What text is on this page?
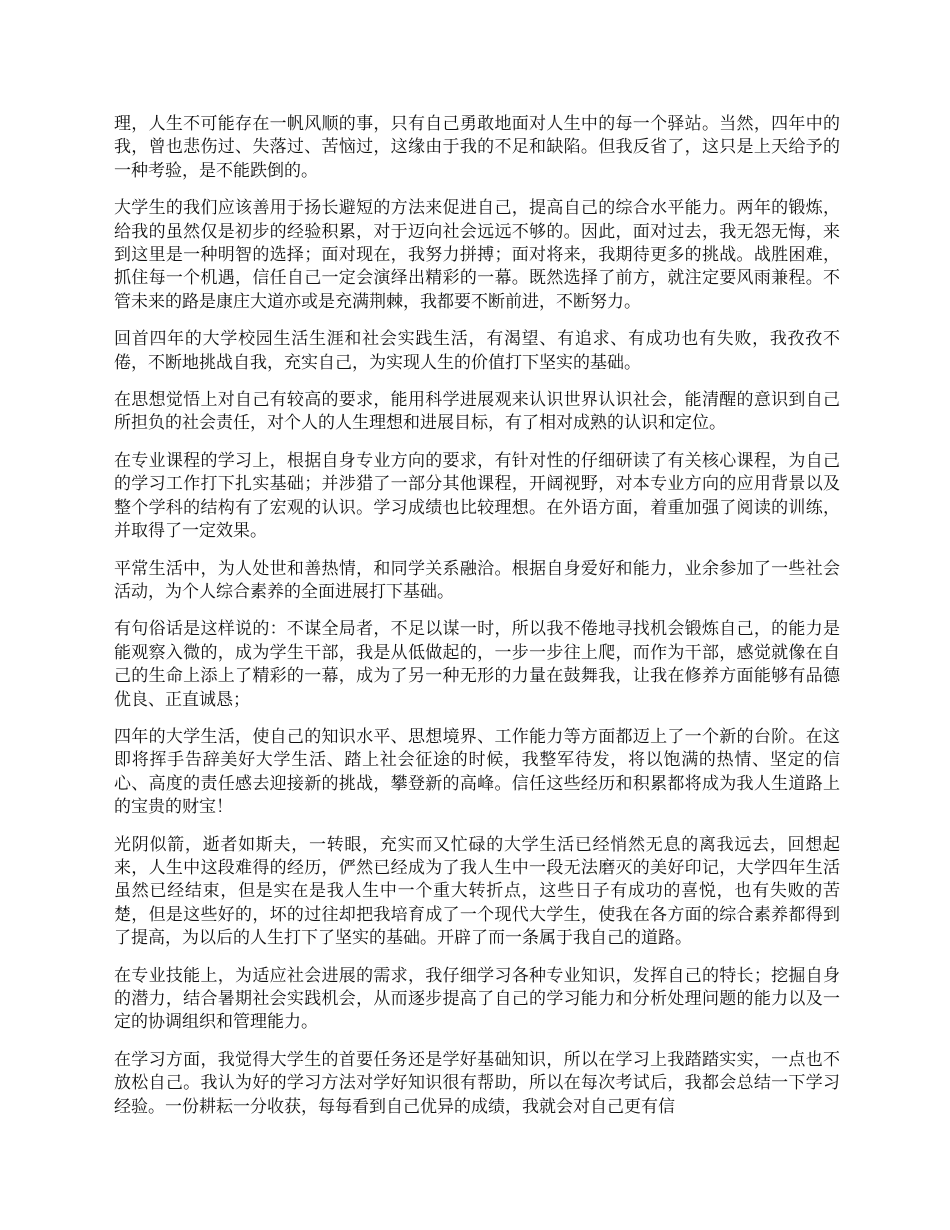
理，人生不可能存在一帆风顺的事，只有自己勇敢地面对人生中的每一个驿站。当然，四年中的我，曾也悲伤过、失落过、苦恼过，这缘由于我的不足和缺陷。但我反省了，这只是上天给予的一种考验，是不能跌倒的。

大学生的我们应该善用于扬长避短的方法来促进自己，提高自己的综合水平能力。两年的锻炼，给我的虽然仅是初步的经验积累，对于迈向社会远远不够的。因此，面对过去，我无怨无悔，来到这里是一种明智的选择；面对现在，我努力拼搏；面对将来，我期待更多的挑战。战胜困难，抓住每一个机遇，信任自己一定会演绎出精彩的一幕。既然选择了前方，就注定要风雨兼程。不管未来的路是康庄大道亦或是充满荆棘，我都要不断前进，不断努力。

回首四年的大学校园生活生涯和社会实践生活，有渴望、有追求、有成功也有失败，我孜孜不倦，不断地挑战自我，充实自己，为实现人生的价值打下坚实的基础。

在思想觉悟上对自己有较高的要求，能用科学进展观来认识世界认识社会，能清醒的意识到自己所担负的社会责任，对个人的人生理想和进展目标，有了相对成熟的认识和定位。

在专业课程的学习上，根据自身专业方向的要求，有针对性的仔细研读了有关核心课程，为自己的学习工作打下扎实基础；并涉猎了一部分其他课程，开阔视野，对本专业方向的应用背景以及整个学科的结构有了宏观的认识。学习成绩也比较理想。在外语方面，着重加强了阅读的训练，并取得了一定效果。

平常生活中，为人处世和善热情，和同学关系融洽。根据自身爱好和能力，业余参加了一些社会活动，为个人综合素养的全面进展打下基础。

有句俗话是这样说的：不谋全局者，不足以谋一时，所以我不倦地寻找机会锻炼自己，的能力是能观察入微的，成为学生干部，我是从低做起的，一步一步往上爬，而作为干部，感觉就像在自己的生命上添上了精彩的一幕，成为了另一种无形的力量在鼓舞我，让我在修养方面能够有品德优良、正直诚恳；

四年的大学生活，使自己的知识水平、思想境界、工作能力等方面都迈上了一个新的台阶。在这即将挥手告辞美好大学生活、踏上社会征途的时候，我整军待发，将以饱满的热情、坚定的信心、高度的责任感去迎接新的挑战，攀登新的高峰。信任这些经历和积累都将成为我人生道路上的宝贵的财宝！

光阴似箭，逝者如斯夫，一转眼，充实而又忙碌的大学生活已经悄然无息的离我远去，回想起来，人生中这段难得的经历，俨然已经成为了我人生中一段无法磨灭的美好印记，大学四年生活虽然已经结束，但是实在是我人生中一个重大转折点，这些日子有成功的喜悦，也有失败的苦楚，但是这些好的，坏的过往却把我培育成了一个现代大学生，使我在各方面的综合素养都得到了提高，为以后的人生打下了坚实的基础。开辟了而一条属于我自己的道路。

在专业技能上，为适应社会进展的需求，我仔细学习各种专业知识，发挥自己的特长；挖掘自身的潜力，结合暑期社会实践机会，从而逐步提高了自己的学习能力和分析处理问题的能力以及一定的协调组织和管理能力。

在学习方面，我觉得大学生的首要任务还是学好基础知识，所以在学习上我踏踏实实，一点也不放松自己。我认为好的学习方法对学好知识很有帮助，所以在每次考试后，我都会总结一下学习经验。一份耕耘一分收获，每每看到自己优异的成绩，我就会对自己更有信
